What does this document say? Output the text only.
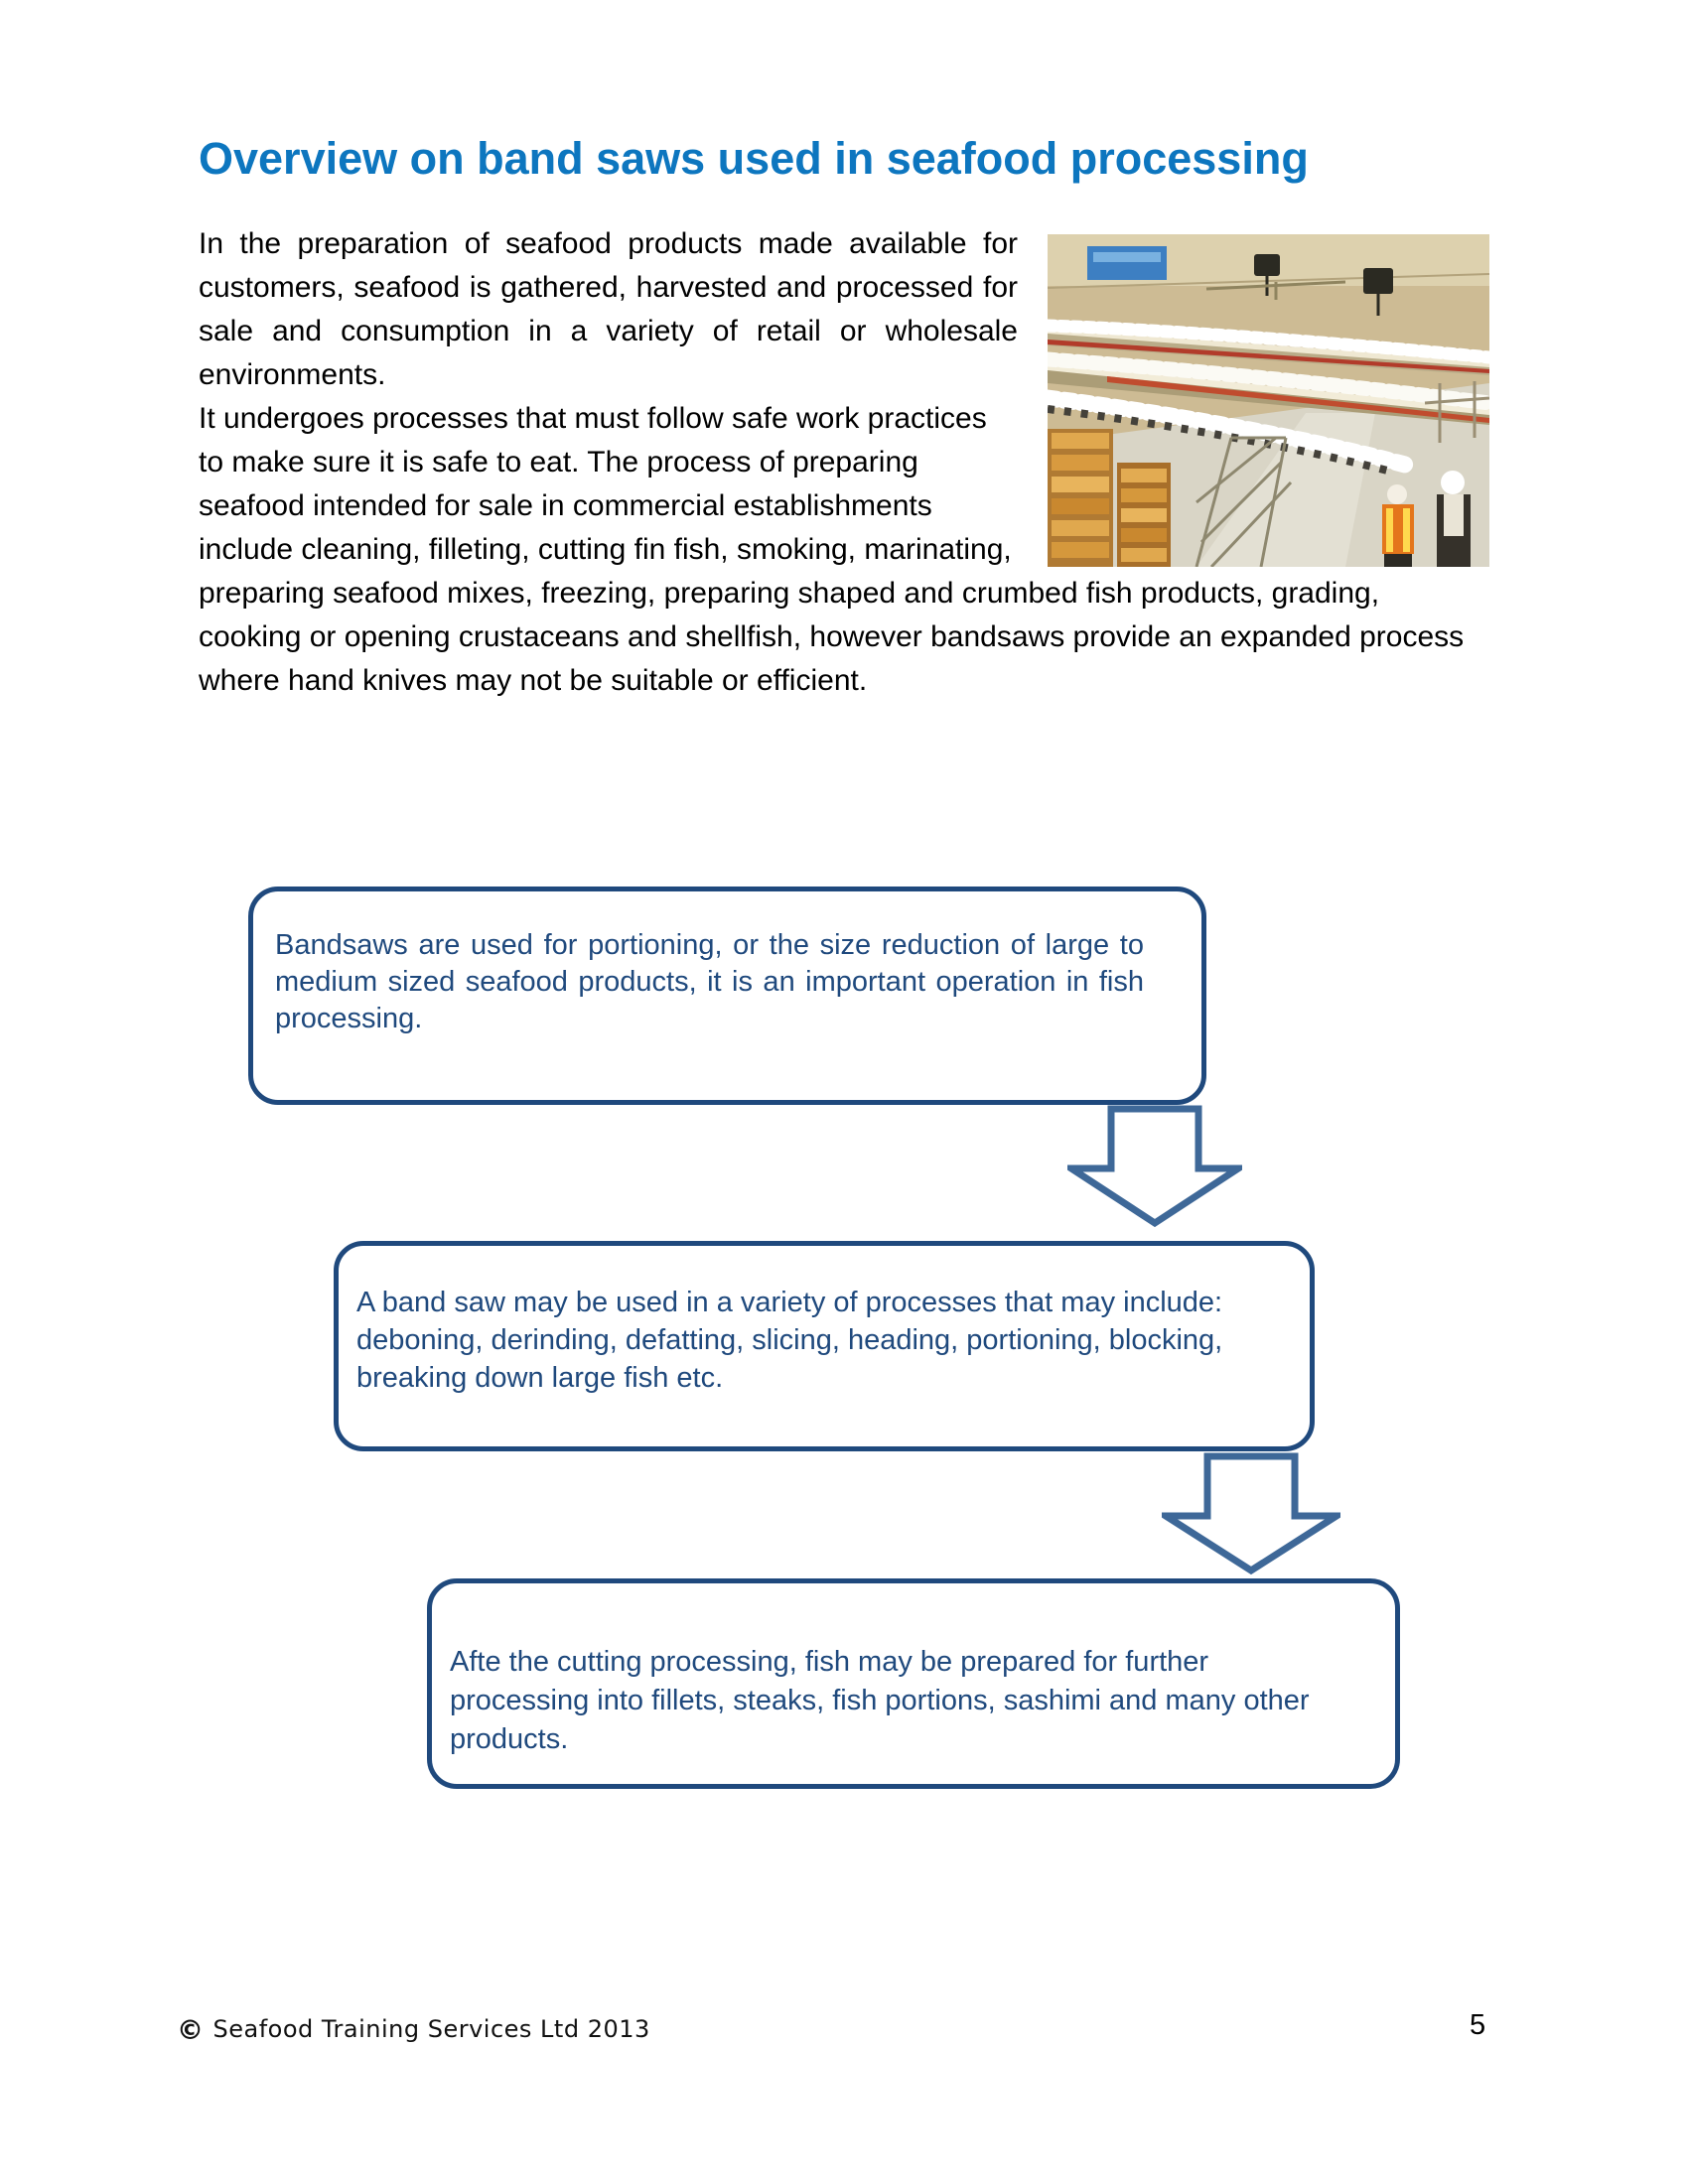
Overview on band saws used in seafood processing

In the preparation of seafood products made available for customers, seafood is gathered, harvested and processed for sale and consumption in a variety of retail or wholesale environments.

It undergoes processes that must follow safe work practices to make sure it is safe to eat. The process of preparing seafood intended for sale in commercial establishments include cleaning, filleting, cutting fin fish, smoking, marinating, preparing seafood mixes, freezing, preparing shaped and crumbed fish products, grading, cooking or opening crustaceans and shellfish, however bandsaws provide an expanded process where hand knives may not be suitable or efficient.

Bandsaws are used for portioning, or the size reduction of large to medium sized seafood products, it is an important operation in fish processing.
A band saw may be used in a variety of processes that may include: deboning, derinding, defatting, slicing, heading, portioning, blocking, breaking down large fish etc.
Afte the cutting processing, fish may be prepared for further processing into fillets, steaks, fish portions, sashimi and many other products.
© Seafood Training Services Ltd 2013	5
